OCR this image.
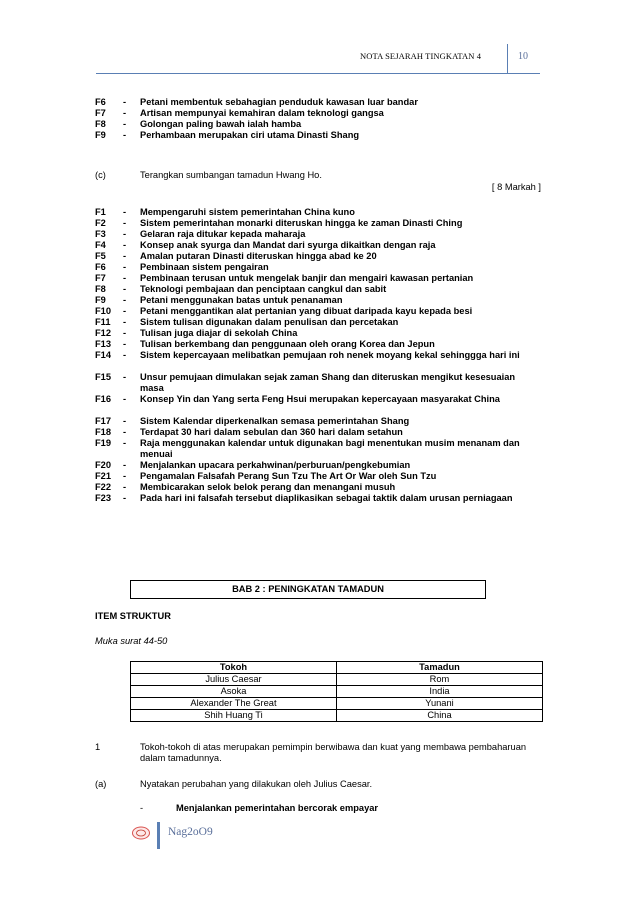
NOTA SEJARAH TINGKATAN 4	10
F6 - Petani membentuk sebahagian penduduk kawasan luar bandar
F7 - Artisan mempunyai kemahiran dalam teknologi gangsa
F8 - Golongan paling bawah ialah hamba
F9 - Perhambaan merupakan ciri utama Dinasti Shang
(c)	Terangkan sumbangan tamadun Hwang Ho.
[ 8 Markah ]
F1 - Mempengaruhi sistem pemerintahan China kuno
F2 - Sistem pemerintahan monarki diteruskan hingga ke zaman Dinasti Ching
F3 - Gelaran raja ditukar kepada maharaja
F4 - Konsep anak syurga dan Mandat dari syurga dikaitkan dengan raja
F5 - Amalan putaran Dinasti diteruskan hingga abad ke 20
F6 - Pembinaan sistem pengairan
F7 - Pembinaan terusan untuk mengelak banjir dan mengairi kawasan pertanian
F8 - Teknologi pembajaan dan penciptaan cangkul dan sabit
F9 - Petani menggunakan batas untuk penanaman
F10 - Petani menggantikan alat pertanian yang dibuat daripada kayu kepada besi
F11 - Sistem tulisan digunakan dalam penulisan dan percetakan
F12 - Tulisan juga diajar di sekolah China
F13 - Tulisan berkembang dan penggunaan oleh orang Korea dan Jepun
F14 - Sistem kepercayaan melibatkan pemujaan roh nenek moyang kekal sehinggga hari ini
F15 - Unsur pemujaan dimulakan sejak zaman Shang dan diteruskan mengikut kesesuaian masa
F16 - Konsep Yin dan Yang serta Feng Hsui merupakan kepercayaan masyarakat China
F17 - Sistem Kalendar diperkenalkan semasa pemerintahan Shang
F18 - Terdapat 30 hari dalam sebulan dan 360 hari dalam setahun
F19 - Raja menggunakan kalendar untuk digunakan bagi menentukan musim menanam dan menuai
F20 - Menjalankan upacara perkahwinan/perburuan/pengkebumian
F21 - Pengamalan Falsafah Perang Sun Tzu The Art Or War oleh Sun Tzu
F22 - Membicarakan selok belok perang dan menangani musuh
F23 - Pada hari ini falsafah tersebut diaplikasikan sebagai taktik dalam urusan perniagaan
BAB 2 : PENINGKATAN TAMADUN
ITEM STRUKTUR
Muka surat 44-50
Tokoh	Tamadun
Julius Caesar	Rom
Asoka	India
Alexander The Great	Yunani
Shih Huang Ti	China
1	Tokoh-tokoh di atas merupakan pemimpin berwibawa dan kuat yang membawa pembaharuan dalam tamadunnya.
(a)	Nyatakan perubahan yang dilakukan oleh Julius Caesar.
-	Menjalankan pemerintahan bercorak empayar
Nag2oO9
